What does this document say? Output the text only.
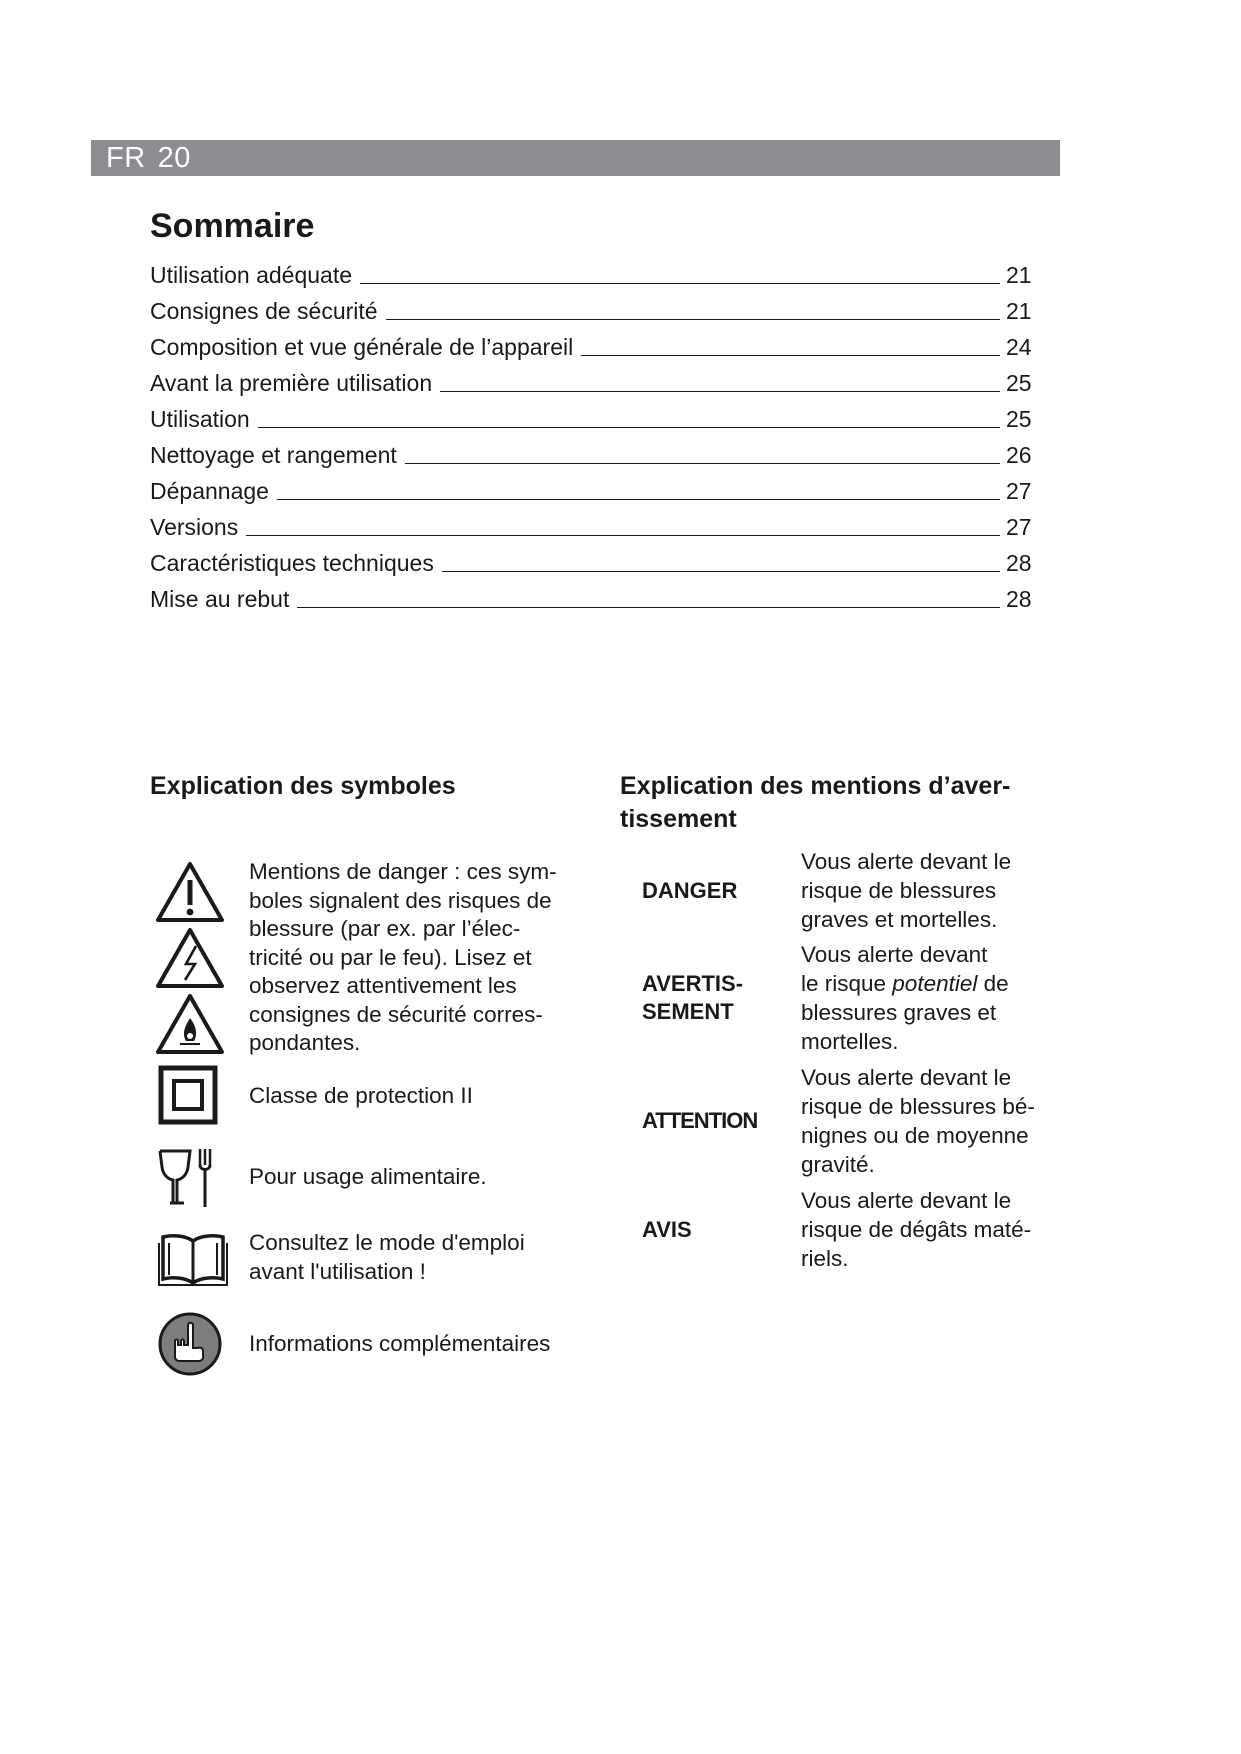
FR 20
Sommaire
Utilisation adéquate	21
Consignes de sécurité	21
Composition et vue générale de l’appareil	24
Avant la première utilisation	25
Utilisation	25
Nettoyage et rangement	26
Dépannage	27
Versions	27
Caractéristiques techniques	28
Mise au rebut	28
Explication des symboles
Mentions de danger : ces sym-
boles signalent des risques de
blessure (par ex. par l’élec-
tricité ou par le feu). Lisez et
observez attentivement les
consignes de sécurité corres-
pondantes.
Classe de protection II
Pour usage alimentaire.
Consultez le mode d'emploi
avant l'utilisation !
Informations complémentaires
Explication des mentions d’aver-
tissement
DANGER
Vous alerte devant le
risque de blessures
graves et mortelles.
AVERTIS-
SEMENT
Vous alerte devant
le risque potentiel de
blessures graves et
mortelles.
ATTENTION
Vous alerte devant le
risque de blessures bé-
nignes ou de moyenne
gravité.
AVIS
Vous alerte devant le
risque de dégâts maté-
riels.
